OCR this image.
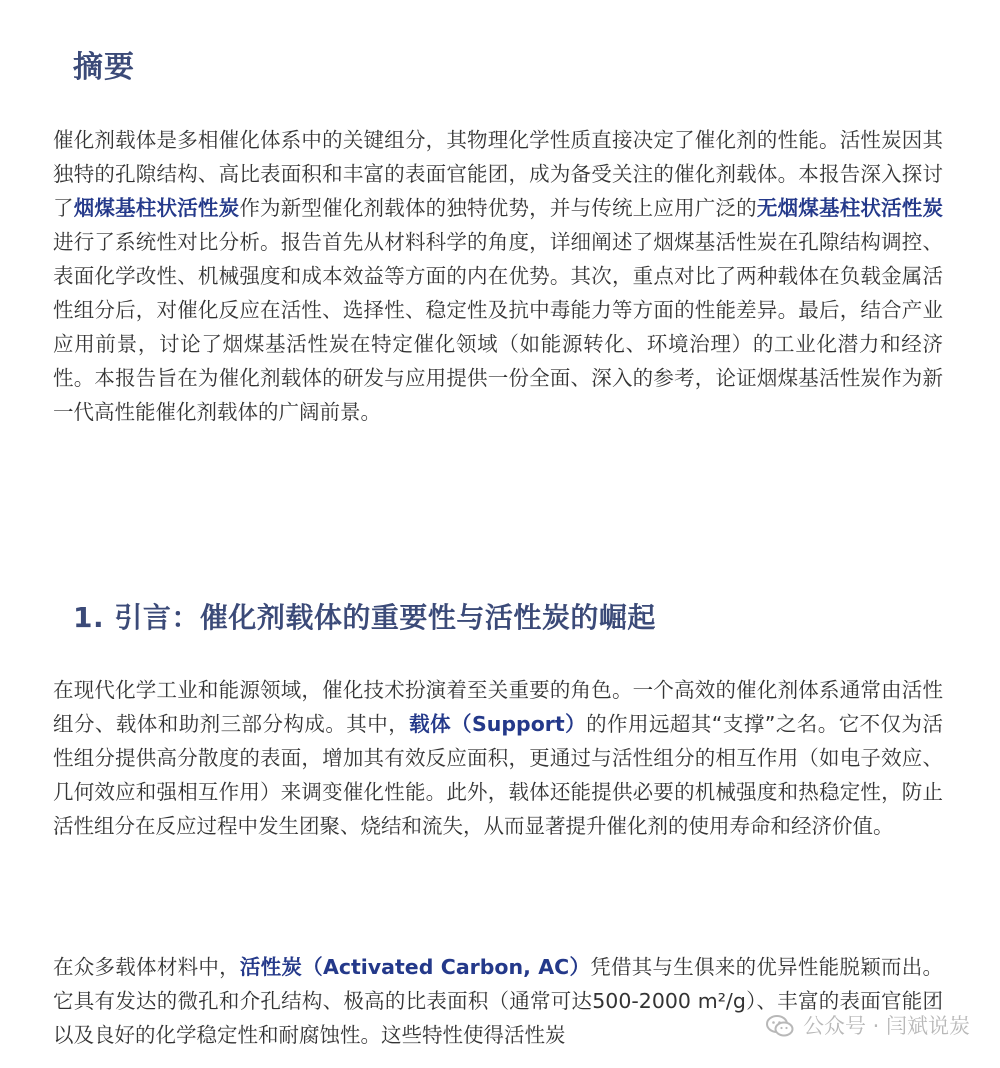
摘要

催化剂载体是多相催化体系中的关键组分，其物理化学性质直接决定了催化剂的性能。活性炭因其独特的孔隙结构、高比表面积和丰富的表面官能团，成为备受关注的催化剂载体。本报告深入探讨了烟煤基柱状活性炭作为新型催化剂载体的独特优势，并与传统上应用广泛的无烟煤基柱状活性炭进行了系统性对比分析。报告首先从材料科学的角度，详细阐述了烟煤基活性炭在孔隙结构调控、表面化学改性、机械强度和成本效益等方面的内在优势。其次，重点对比了两种载体在负载金属活性组分后，对催化反应在活性、选择性、稳定性及抗中毒能力等方面的性能差异。最后，结合产业应用前景，讨论了烟煤基活性炭在特定催化领域（如能源转化、环境治理）的工业化潜力和经济性。本报告旨在为催化剂载体的研发与应用提供一份全面、深入的参考，论证烟煤基活性炭作为新一代高性能催化剂载体的广阔前景。

1. 引言：催化剂载体的重要性与活性炭的崛起

在现代化学工业和能源领域，催化技术扮演着至关重要的角色。一个高效的催化剂体系通常由活性组分、载体和助剂三部分构成。其中，载体（Support）的作用远超其“支撑”之名。它不仅为活性组分提供高分散度的表面，增加其有效反应面积，更通过与活性组分的相互作用（如电子效应、几何效应和强相互作用）来调变催化性能。此外，载体还能提供必要的机械强度和热稳定性，防止活性组分在反应过程中发生团聚、烧结和流失，从而显著提升催化剂的使用寿命和经济价值。

在众多载体材料中，活性炭（Activated Carbon, AC）凭借其与生俱来的优异性能脱颖而出。它具有发达的微孔和介孔结构、极高的比表面积（通常可达500-2000 m²/g）、丰富的表面官能团以及良好的化学稳定性和耐腐蚀性。这些特性使得活性炭	公众号 · 闫斌说炭
